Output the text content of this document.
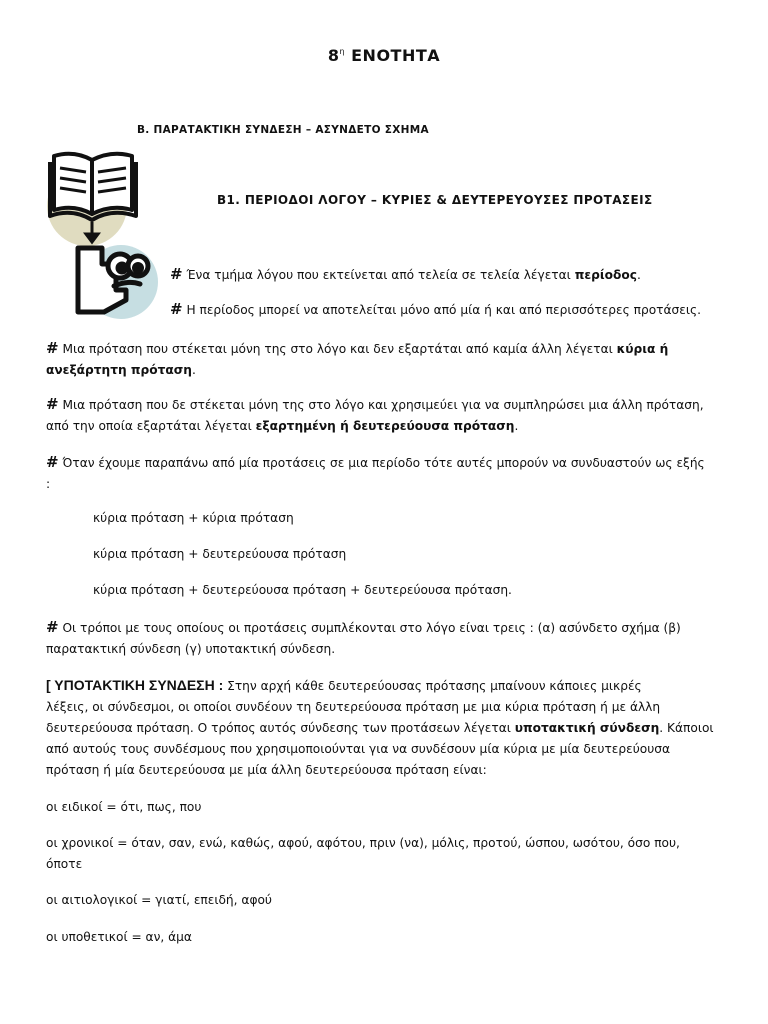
$8^\eta$ ΕΝΟΤΗΤΑ
Β. ΠΑΡΑΤΑΚΤΙΚΗ ΣΥΝΔΕΣΗ – ΑΣΥΝΔΕΤΟ ΣΧΗΜΑ
Β1. ΠΕΡΙΟΔΟΙ ΛΟΓΟΥ – ΚΥΡΙΕΣ & ΔΕΥΤΕΡΕΥΟΥΣΕΣ ΠΡΟΤΑΣΕΙΣ
# Ένα τμήμα λόγου που εκτείνεται από τελεία σε τελεία λέγεται περίοδος.
# Η περίοδος μπορεί να αποτελείται μόνο από μία ή και από περισσότερες προτάσεις.
# Μια πρόταση που στέκεται μόνη της στο λόγο και δεν εξαρτάται από καμία άλλη λέγεται κύρια ή
ανεξάρτητη πρόταση.
# Μια πρόταση που δε στέκεται μόνη της στο λόγο και χρησιμεύει για να συμπληρώσει μια άλλη πρόταση,
από την οποία εξαρτάται λέγεται εξαρτημένη ή δευτερεύουσα πρόταση.
# Όταν έχουμε παραπάνω από μία προτάσεις σε μια περίοδο τότε αυτές μπορούν να συνδυαστούν ως εξής
:
κύρια πρόταση + κύρια πρόταση
κύρια πρόταση + δευτερεύουσα πρόταση
κύρια πρόταση + δευτερεύουσα πρόταση + δευτερεύουσα πρόταση.
# Οι τρόποι με τους οποίους οι προτάσεις συμπλέκονται στο λόγο είναι τρεις : (α) ασύνδετο σχήμα (β)
παρατακτική σύνδεση (γ) υποτακτική σύνδεση.
[ ΥΠΟΤΑΚΤΙΚΗ ΣΥΝΔΕΣΗ : Στην αρχή κάθε δευτερεύουσας πρότασης μπαίνουν κάποιες μικρές
λέξεις, οι σύνδεσμοι, οι οποίοι συνδέουν τη δευτερεύουσα πρόταση με μια κύρια πρόταση ή με άλλη
δευτερεύουσα πρόταση. Ο τρόπος αυτός σύνδεσης των προτάσεων λέγεται υποτακτική σύνδεση. Κάποιοι
από αυτούς τους συνδέσμους που χρησιμοποιούνται για να συνδέσουν μία κύρια με μία δευτερεύουσα
πρόταση ή μία δευτερεύουσα με μία άλλη δευτερεύουσα πρόταση είναι:
οι ειδικοί = ότι, πως, που
οι χρονικοί = όταν, σαν, ενώ, καθώς, αφού, αφότου, πριν (να), μόλις, προτού, ώσπου, ωσότου, όσο που,
όποτε
οι αιτιολογικοί = γιατί, επειδή, αφού
οι υποθετικοί = αν, άμα
